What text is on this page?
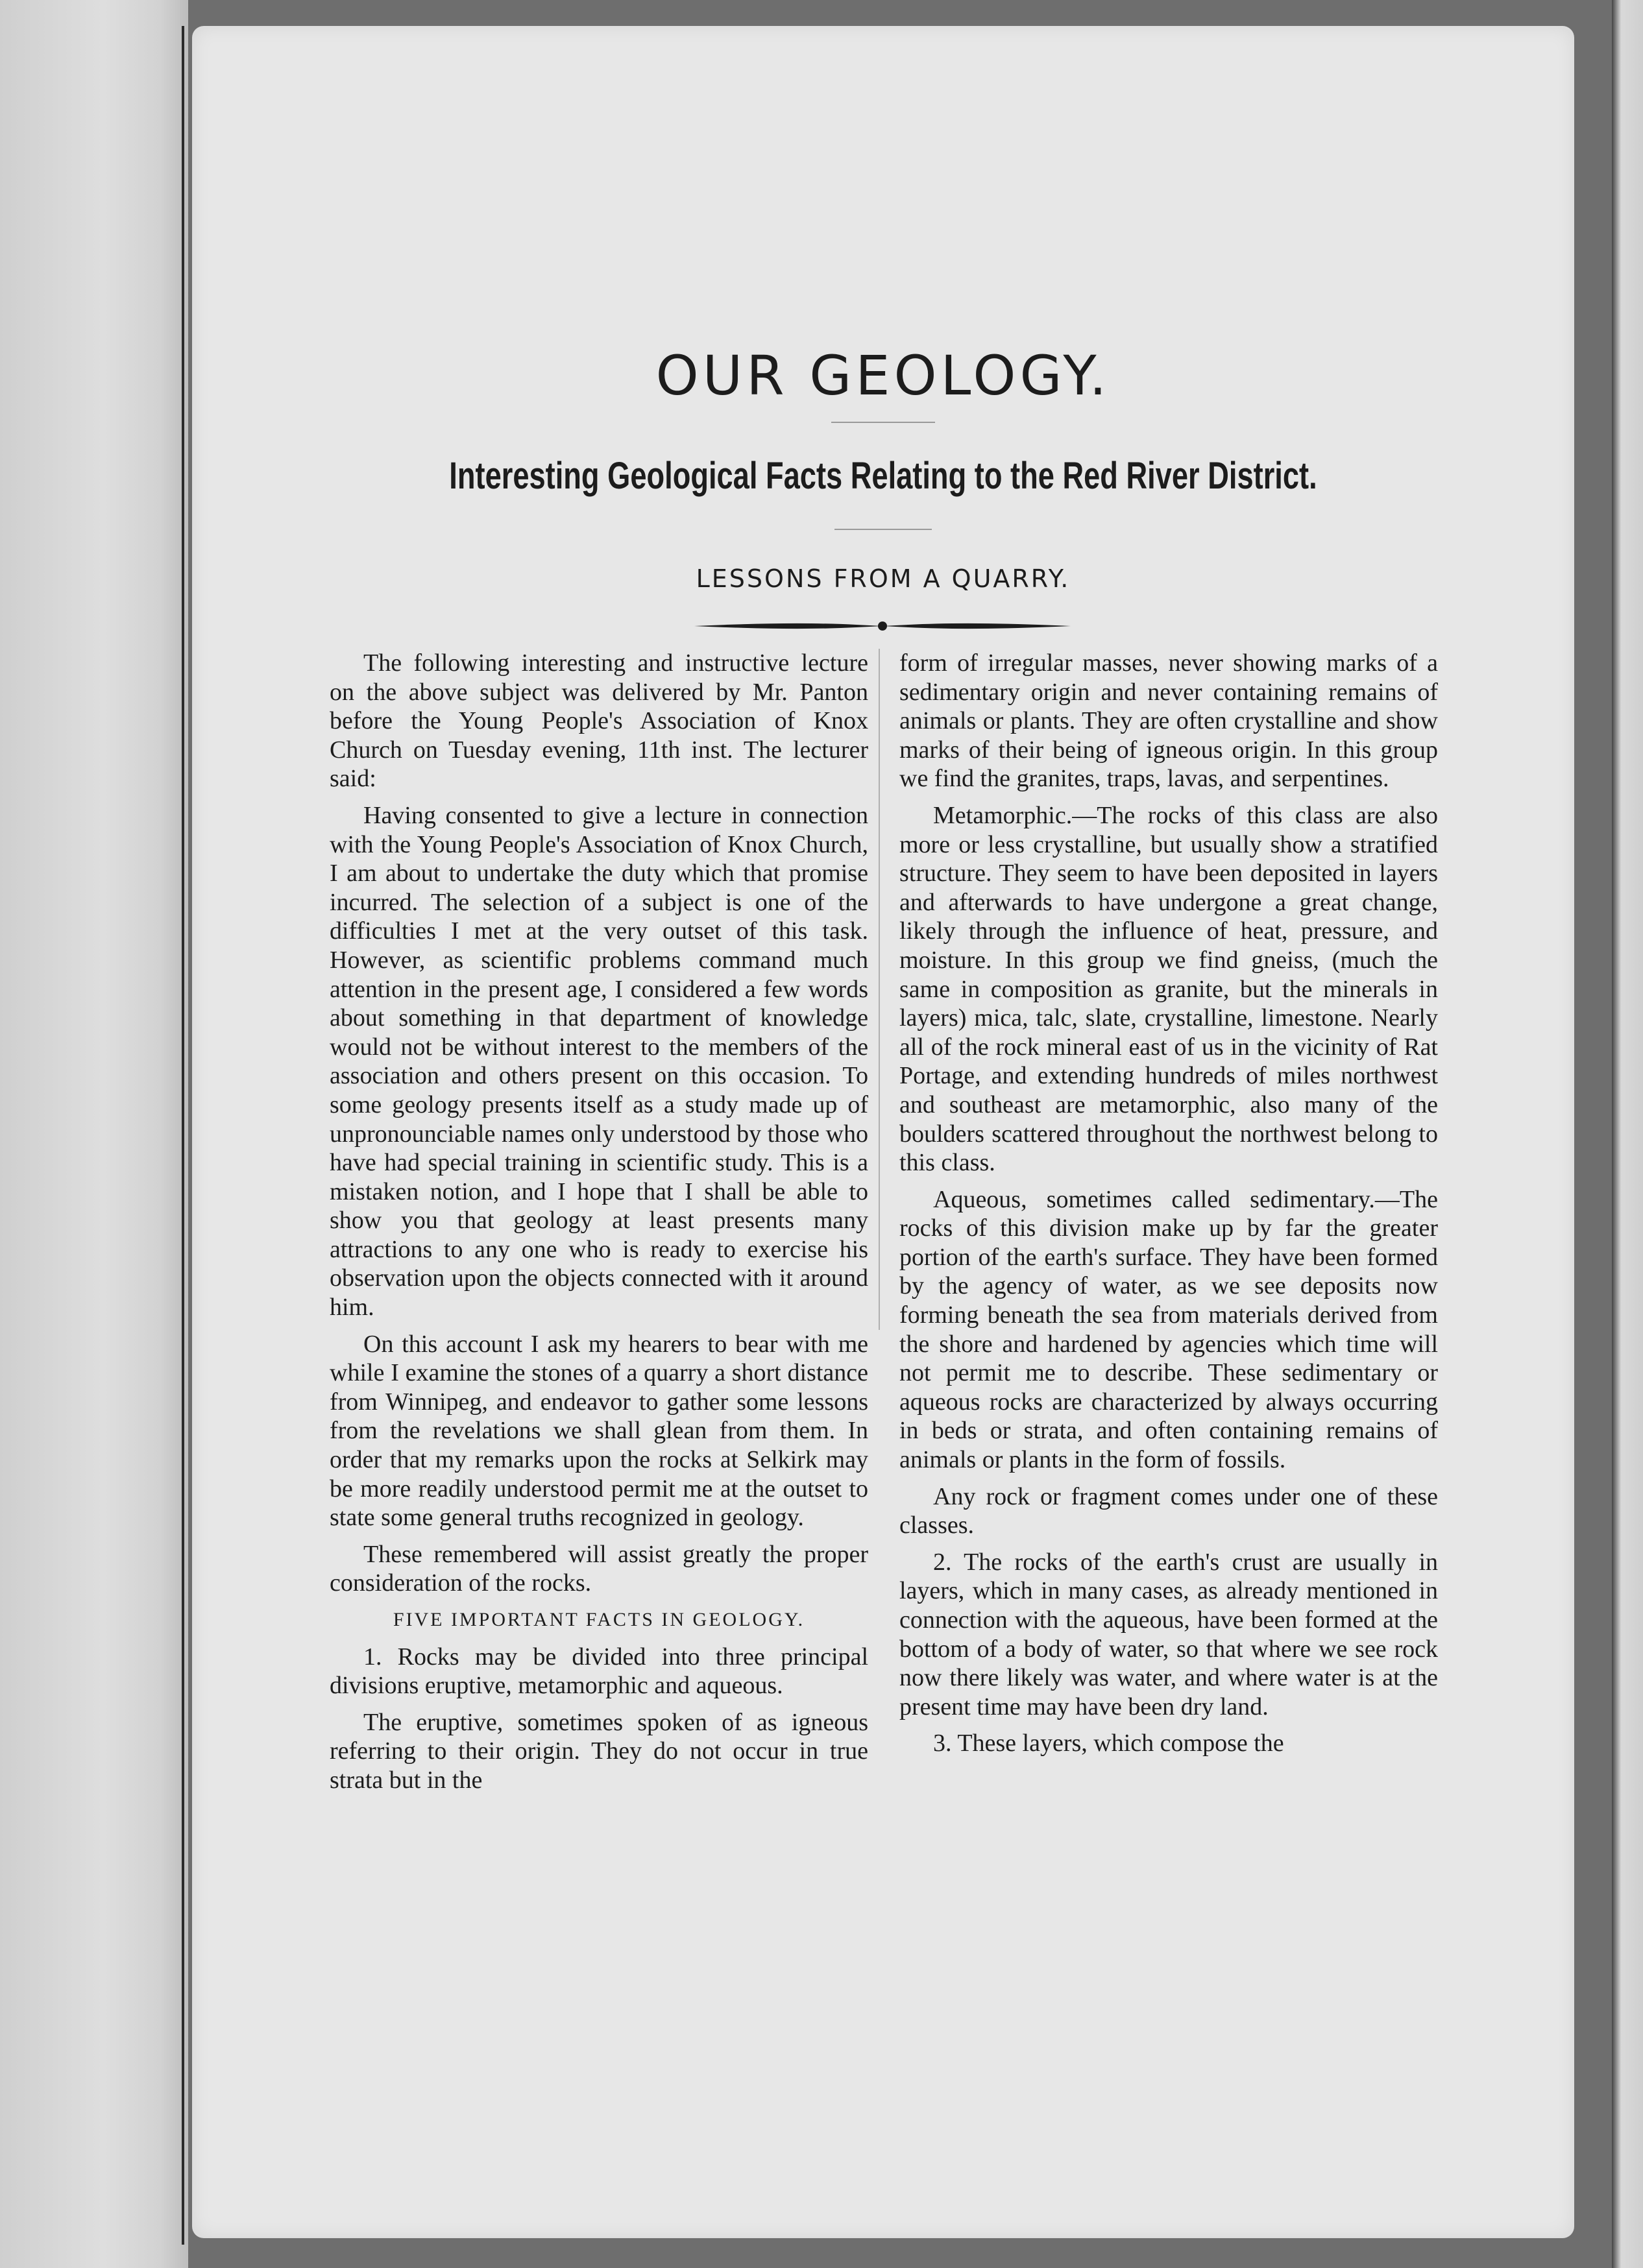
OUR GEOLOGY.
Interesting Geological Facts Relating to the Red River District.
LESSONS FROM A QUARRY.

The following interesting and instructive lecture on the above subject was delivered by Mr. Panton before the Young People's Association of Knox Church on Tuesday evening, 11th inst. The lecturer said:

Having consented to give a lecture in connection with the Young People's Association of Knox Church, I am about to undertake the duty which that promise incurred. The selection of a subject is one of the difficulties I met at the very outset of this task. However, as scientific problems command much attention in the present age, I considered a few words about something in that department of knowledge would not be without interest to the members of the association and others present on this occasion. To some geology presents itself as a study made up of unpronounciable names only understood by those who have had special training in scientific study. This is a mistaken notion, and I hope that I shall be able to show you that geology at least presents many attractions to any one who is ready to exercise his observation upon the objects connected with it around him.

On this account I ask my hearers to bear with me while I examine the stones of a quarry a short distance from Winnipeg, and endeavor to gather some lessons from the revelations we shall glean from them. In order that my remarks upon the rocks at Selkirk may be more readily understood permit me at the outset to state some general truths recognized in geology.

These remembered will assist greatly the proper consideration of the rocks.

FIVE IMPORTANT FACTS IN GEOLOGY.

1. Rocks may be divided into three principal divisions eruptive, metamorphic and aqueous.

The eruptive, sometimes spoken of as igneous referring to their origin. They do not occur in true strata but in the

form of irregular masses, never showing marks of a sedimentary origin and never containing remains of animals or plants. They are often crystalline and show marks of their being of igneous origin. In this group we find the granites, traps, lavas, and serpentines.

Metamorphic.—The rocks of this class are also more or less crystalline, but usually show a stratified structure. They seem to have been deposited in layers and afterwards to have undergone a great change, likely through the influence of heat, pressure, and moisture. In this group we find gneiss, (much the same in composition as granite, but the minerals in layers) mica, talc, slate, crystalline, limestone. Nearly all of the rock mineral east of us in the vicinity of Rat Portage, and extending hundreds of miles northwest and southeast are metamorphic, also many of the boulders scattered throughout the northwest belong to this class.

Aqueous, sometimes called sedimentary.—The rocks of this division make up by far the greater portion of the earth's surface. They have been formed by the agency of water, as we see deposits now forming beneath the sea from materials derived from the shore and hardened by agencies which time will not permit me to describe. These sedimentary or aqueous rocks are characterized by always occurring in beds or strata, and often containing remains of animals or plants in the form of fossils.

Any rock or fragment comes under one of these classes.

2. The rocks of the earth's crust are usually in layers, which in many cases, as already mentioned in connection with the aqueous, have been formed at the bottom of a body of water, so that where we see rock now there likely was water, and where water is at the present time may have been dry land.

3. These layers, which compose the
